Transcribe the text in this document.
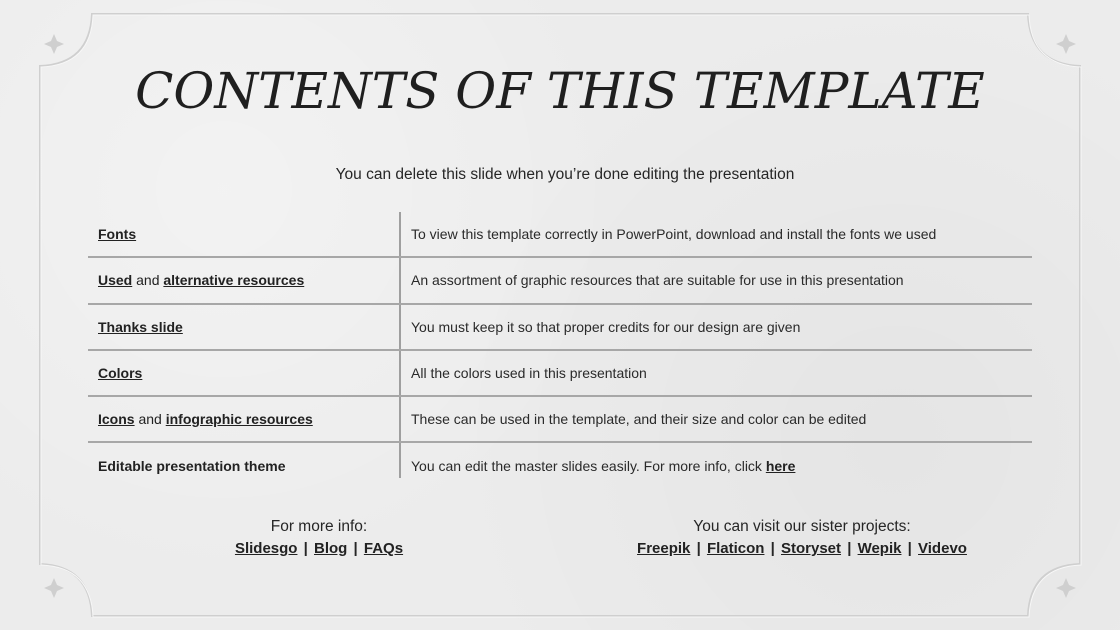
CONTENTS OF THIS TEMPLATE
You can delete this slide when you’re done editing the presentation
Fonts	To view this template correctly in PowerPoint, download and install the fonts we used
Used and alternative resources	An assortment of graphic resources that are suitable for use in this presentation
Thanks slide	You must keep it so that proper credits for our design are given
Colors	All the colors used in this presentation
Icons and infographic resources	These can be used in the template, and their size and color can be edited
Editable presentation theme	You can edit the master slides easily. For more info, click here
For more info:
Slidesgo | Blog | FAQs
You can visit our sister projects:
Freepik | Flaticon | Storyset | Wepik | Videvo
